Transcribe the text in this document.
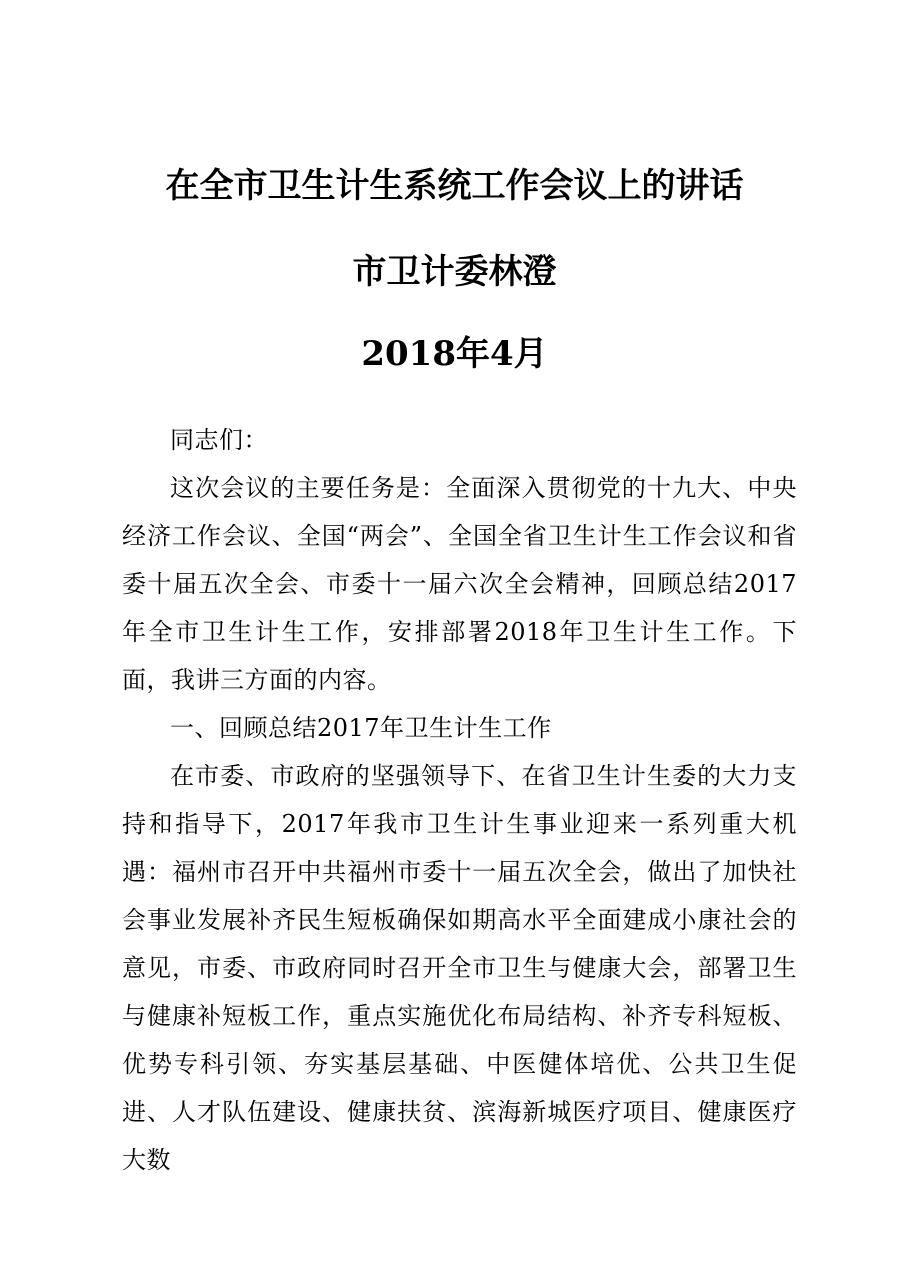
在全市卫生计生系统工作会议上的讲话
市卫计委林澄
2018年4月

同志们：

这次会议的主要任务是：全面深入贯彻党的十九大、中央经济工作会议、全国“两会”、全国全省卫生计生工作会议和省委十届五次全会、市委十一届六次全会精神，回顾总结2017年全市卫生计生工作，安排部署2018年卫生计生工作。下面，我讲三方面的内容。

一、回顾总结2017年卫生计生工作

在市委、市政府的坚强领导下、在省卫生计生委的大力支持和指导下，2017年我市卫生计生事业迎来一系列重大机遇：福州市召开中共福州市委十一届五次全会，做出了加快社会事业发展补齐民生短板确保如期高水平全面建成小康社会的意见，市委、市政府同时召开全市卫生与健康大会，部署卫生与健康补短板工作，重点实施优化布局结构、补齐专科短板、优势专科引领、夯实基层基础、中医健体培优、公共卫生促进、人才队伍建设、健康扶贫、滨海新城医疗项目、健康医疗大数
